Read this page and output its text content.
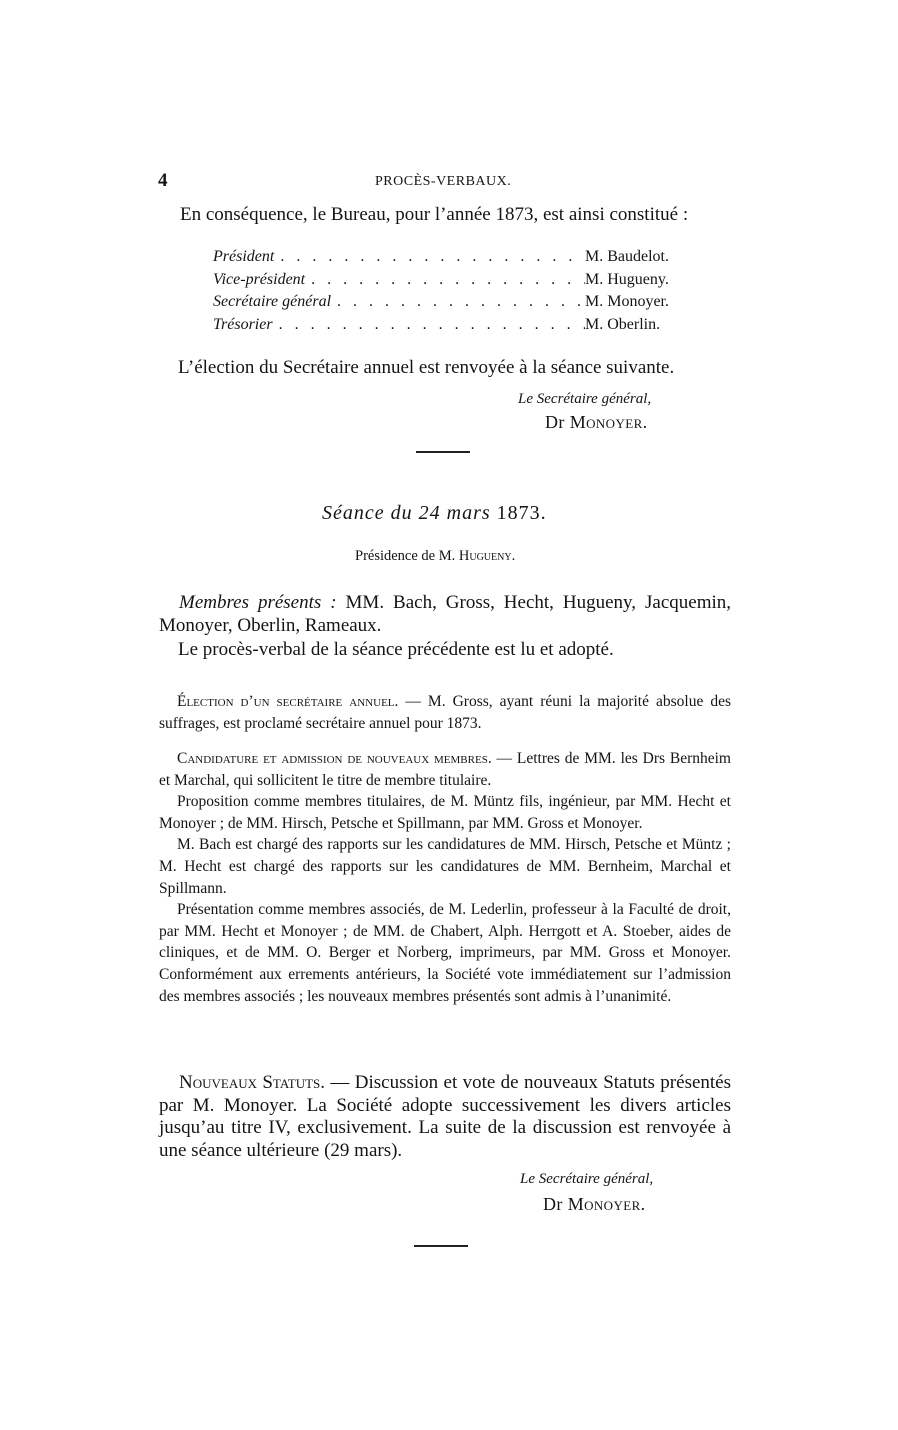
4	PROCÈS-VERBAUX.
En conséquence, le Bureau, pour l’année 1873, est ainsi constitué :
Président . . .	M. Baudelot.
Vice-président . . .	M. Hugueny.
Secrétaire général . . .	M. Monoyer.
Trésorier . . .	M. Oberlin.
L’élection du Secrétaire annuel est renvoyée à la séance suivante.
Le Secrétaire général,
Dr Monoyer.
Séance du 24 mars 1873.
Présidence de M. Hugueny.
Membres présents : MM. Bach, Gross, Hecht, Hugueny, Jacquemin, Monoyer, Oberlin, Rameaux.
Le procès-verbal de la séance précédente est lu et adopté.
Élection d’un secrétaire annuel. — M. Gross, ayant réuni la majorité absolue des suffrages, est proclamé secrétaire annuel pour 1873.
Candidature et admission de nouveaux membres. — Lettres de MM. les Drs Bernheim et Marchal, qui sollicitent le titre de membre titulaire.
Proposition comme membres titulaires, de M. Müntz fils, ingénieur, par MM. Hecht et Monoyer ; de MM. Hirsch, Petsche et Spillmann, par MM. Gross et Monoyer.
M. Bach est chargé des rapports sur les candidatures de MM. Hirsch, Petsche et Müntz ; M. Hecht est chargé des rapports sur les candidatures de MM. Bernheim, Marchal et Spillmann.
Présentation comme membres associés, de M. Lederlin, professeur à la Faculté de droit, par MM. Hecht et Monoyer ; de MM. de Chabert, Alph. Herrgott et A. Stoeber, aides de cliniques, et de MM. O. Berger et Norberg, imprimeurs, par MM. Gross et Monoyer. Conformément aux errements antérieurs, la Société vote immédiatement sur l’admission des membres associés ; les nouveaux membres présentés sont admis à l’unanimité.
Nouveaux Statuts. — Discussion et vote de nouveaux Statuts présentés par M. Monoyer. La Société adopte successivement les divers articles jusqu’au titre IV, exclusivement. La suite de la discussion est renvoyée à une séance ultérieure (29 mars).
Le Secrétaire général,
Dr Monoyer.
